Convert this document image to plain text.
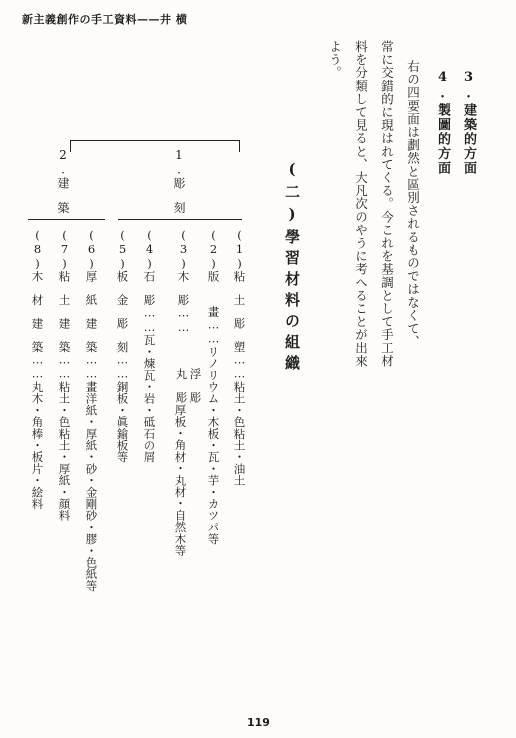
新主義創作の手工資料——井 横
3.建築的方面
4.製圖的方面
右の四要面は劃然と區別されるものではなくて、
常に交錯的に現はれてくる。今これを基調として手工材
料を分類して見ると、大凡次のやうに考へることが出來
よう。
(二)學習材料の組織
1.彫　刻
2.建　築
(1)粘　土　彫　塑……粘土・色粘土・油土
(2)版　　畫……リノリウム・木板・瓦・芋・カツパ等
(3)木　彫……
浮　彫
丸　彫
厚板・角材・丸材・自然木等
(4)石　彫……瓦・煉瓦・岩・砥石の屑
(5)板　金　彫　刻……銅板・眞鍮板等
(6)厚　紙　建　築……畫洋紙・厚紙・砂・金剛砂・膠・色紙等
(7)粘　土　建　築……粘土・色粘土・厚紙・顔料
(8)木　材　建　築……丸木・角棒・板片・絵料
119
